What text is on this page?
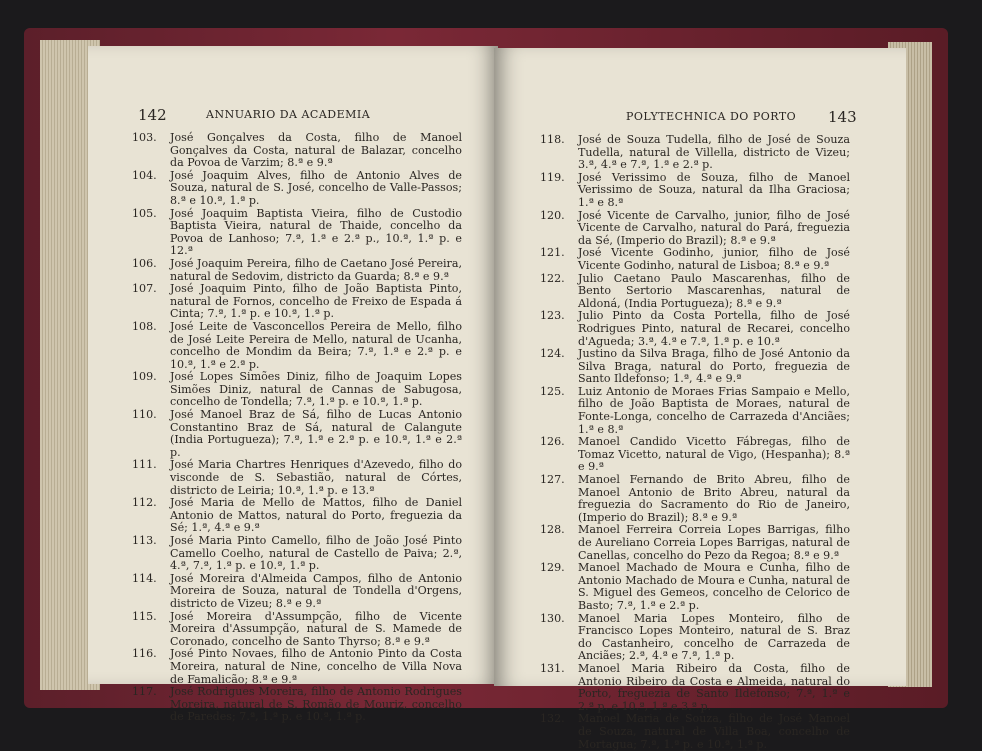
142	ANNUARIO DA ACADEMIA
103. José Gonçalves da Costa, filho de Manoel Gonçalves da Costa, natural de Balazar, concelho da Povoa de Varzim; 8.ª e 9.ª
104. José Joaquim Alves, filho de Antonio Alves de Souza, natural de S. José, concelho de Valle-Passos; 8.ª e 10.ª, 1.ª p.
105. José Joaquim Baptista Vieira, filho de Custodio Baptista Vieira, natural de Thaide, concelho da Povoa de Lanhoso; 7.ª, 1.ª e 2.ª p., 10.ª, 1.ª p. e 12.ª
106. José Joaquim Pereira, filho de Caetano José Pereira, natural de Sedovim, districto da Guarda; 8.ª e 9.ª
107. José Joaquim Pinto, filho de João Baptista Pinto, natural de Fornos, concelho de Freixo de Espada á Cinta; 7.ª, 1.ª p. e 10.ª, 1.ª p.
108. José Leite de Vasconcellos Pereira de Mello, filho de José Leite Pereira de Mello, natural de Ucanha, concelho de Mondim da Beira; 7.ª, 1.ª e 2.ª p. e 10.ª, 1.ª e 2.ª p.
109. José Lopes Simões Diniz, filho de Joaquim Lopes Simões Diniz, natural de Cannas de Sabugosa, concelho de Tondella; 7.ª, 1.ª p. e 10.ª, 1.ª p.
110. José Manoel Braz de Sá, filho de Lucas Antonio Constantino Braz de Sá, natural de Calangute (India Portugueza); 7.ª, 1.ª e 2.ª p. e 10.ª, 1.ª e 2.ª p.
111. José Maria Chartres Henriques d'Azevedo, filho do visconde de S. Sebastião, natural de Córtes, districto de Leiria; 10.ª, 1.ª p. e 13.ª
112. José Maria de Mello de Mattos, filho de Daniel Antonio de Mattos, natural do Porto, freguezia da Sé; 1.ª, 4.ª e 9.ª
113. José Maria Pinto Camello, filho de João José Pinto Camello Coelho, natural de Castello de Paiva; 2.ª, 4.ª, 7.ª, 1.ª p. e 10.ª, 1.ª p.
114. José Moreira d'Almeida Campos, filho de Antonio Moreira de Souza, natural de Tondella d'Orgens, districto de Vizeu; 8.ª e 9.ª
115. José Moreira d'Assumpção, filho de Vicente Moreira d'Assumpção, natural de S. Mamede de Coronado, concelho de Santo Thyrso; 8.ª e 9.ª
116. José Pinto Novaes, filho de Antonio Pinto da Costa Moreira, natural de Nine, concelho de Villa Nova de Famalicão; 8.ª e 9.ª
117. José Rodrigues Moreira, filho de Antonio Rodrigues Moreira, natural de S. Romão de Mouriz, concelho de Paredes; 7.ª, 1.ª p. e 10.ª, 1.ª p.
POLYTECHNICA DO PORTO 143
118. José de Souza Tudella, filho de José de Souza Tudella, natural de Villella, districto de Vizeu; 3.ª, 4.ª e 7.ª, 1.ª e 2.ª p.
119. José Verissimo de Souza, filho de Manoel Verissimo de Souza, natural da Ilha Graciosa; 1.ª e 8.ª
120. José Vicente de Carvalho, junior, filho de José Vicente de Carvalho, natural do Pará, freguezia da Sé, (Imperio do Brazil); 8.ª e 9.ª
121. José Vicente Godinho, junior, filho de José Vicente Godinho, natural de Lisboa; 8.ª e 9.ª
122. Julio Caetano Paulo Mascarenhas, filho de Bento Sertorio Mascarenhas, natural de Aldoná, (India Portugueza); 8.ª e 9.ª
123. Julio Pinto da Costa Portella, filho de José Rodrigues Pinto, natural de Recarei, concelho d'Agueda; 3.ª, 4.ª e 7.ª, 1.ª p. e 10.ª
124. Justino da Silva Braga, filho de José Antonio da Silva Braga, natural do Porto, freguezia de Santo Ildefonso; 1.ª, 4.ª e 9.ª
125. Luiz Antonio de Moraes Frias Sampaio e Mello, filho de João Baptista de Moraes, natural de Fonte-Longa, concelho de Carrazeda d'Anciães; 1.ª e 8.ª
126. Manoel Candido Vicetto Fábregas, filho de Tomaz Vicetto, natural de Vigo, (Hespanha); 8.ª e 9.ª
127. Manoel Fernando de Brito Abreu, filho de Manoel Antonio de Brito Abreu, natural da freguezia do Sacramento do Rio de Janeiro, (Imperio do Brazil); 8.ª e 9.ª
128. Manoel Ferreira Correia Lopes Barrigas, filho de Aureliano Correia Lopes Barrigas, natural de Canellas, concelho do Pezo da Regoa; 8.ª e 9.ª
129. Manoel Machado de Moura e Cunha, filho de Antonio Machado de Moura e Cunha, natural de S. Miguel des Gemeos, concelho de Celorico de Basto; 7.ª, 1.ª e 2.ª p.
130. Manoel Maria Lopes Monteiro, filho de Francisco Lopes Monteiro, natural de S. Braz do Castanheiro, concelho de Carrazeda de Anciães; 2.ª, 4.ª e 7.ª, 1.ª p.
131. Manoel Maria Ribeiro da Costa, filho de Antonio Ribeiro da Costa e Almeida, natural do Porto, freguezia de Santo Ildefonso; 7.ª, 1.ª e 2.ª p. e 10.ª, 1.ª e 3.ª p.
132. Manoel Maria de Souza, filho de José Manoel de Souza, natural de Villa Boa, concelho de Mortagua; 7.ª, 1.ª p. e 10.ª, 1.ª p.
